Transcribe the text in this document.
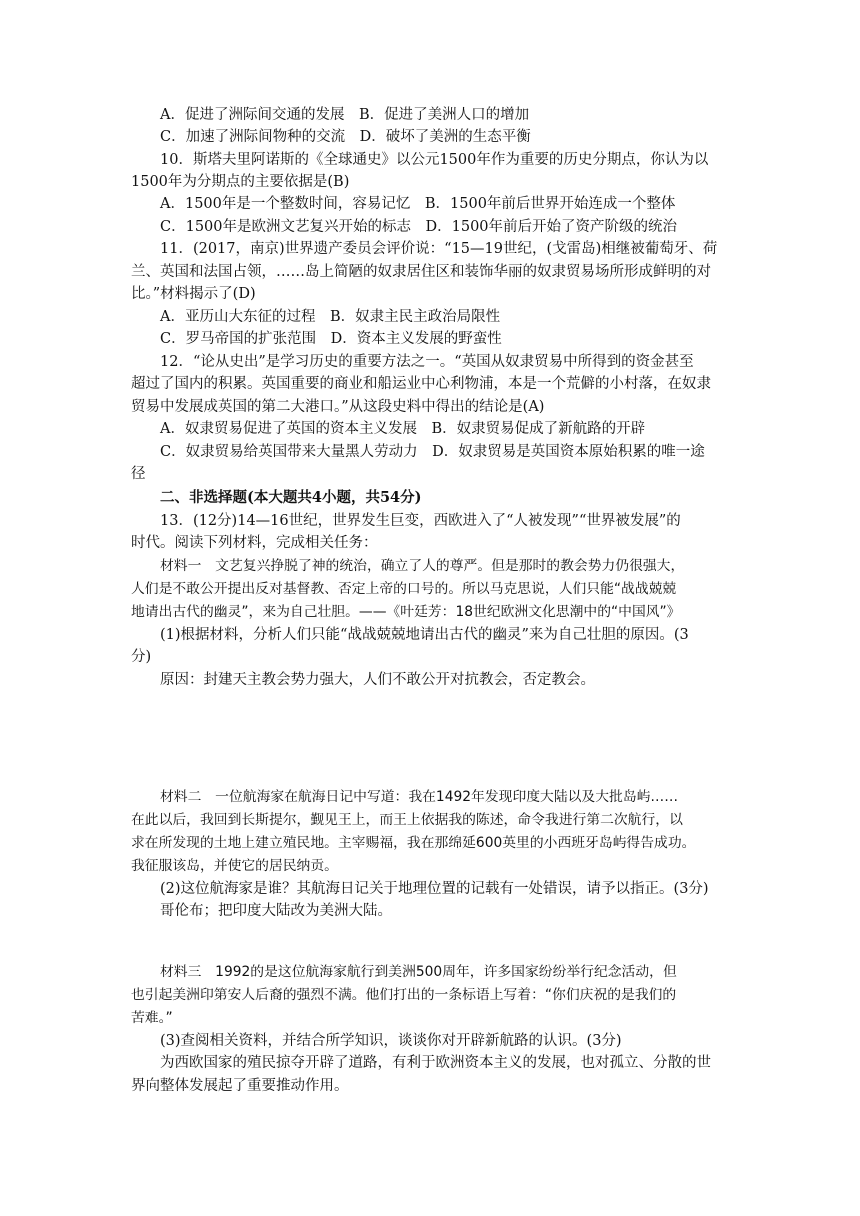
A．促进了洲际间交通的发展　B．促进了美洲人口的增加
C．加速了洲际间物种的交流　D．破坏了美洲的生态平衡
10．斯塔夫里阿诺斯的《全球通史》以公元1500年作为重要的历史分期点，你认为以
1500年为分期点的主要依据是(B)
A．1500年是一个整数时间，容易记忆　B．1500年前后世界开始连成一个整体
C．1500年是欧洲文艺复兴开始的标志　D．1500年前后开始了资产阶级的统治
11．(2017，南京)世界遗产委员会评价说：“15—19世纪，(戈雷岛)相继被葡萄牙、荷
兰、英国和法国占领，……岛上简陋的奴隶居住区和装饰华丽的奴隶贸易场所形成鲜明的对
比。”材料揭示了(D)
A．亚历山大东征的过程　B．奴隶主民主政治局限性
C．罗马帝国的扩张范围　D．资本主义发展的野蛮性
12．“论从史出”是学习历史的重要方法之一。“英国从奴隶贸易中所得到的资金甚至
超过了国内的积累。英国重要的商业和船运业中心利物浦，本是一个荒僻的小村落，在奴隶
贸易中发展成英国的第二大港口。”从这段史料中得出的结论是(A)
A．奴隶贸易促进了英国的资本主义发展　B．奴隶贸易促成了新航路的开辟
C．奴隶贸易给英国带来大量黑人劳动力　D．奴隶贸易是英国资本原始积累的唯一途
径
二、非选择题(本大题共4小题，共54分)
13．(12分)14—16世纪，世界发生巨变，西欧进入了“人被发现”“世界被发展”的
时代。阅读下列材料，完成相关任务：
材料一　文艺复兴挣脱了神的统治，确立了人的尊严。但是那时的教会势力仍很强大，
人们是不敢公开提出反对基督教、否定上帝的口号的。所以马克思说，人们只能“战战兢兢
地请出古代的幽灵”，来为自己壮胆。——《叶廷芳：18世纪欧洲文化思潮中的“中国风”》
(1)根据材料，分析人们只能“战战兢兢地请出古代的幽灵”来为自己壮胆的原因。(3
分)
原因：封建天主教会势力强大，人们不敢公开对抗教会，否定教会。
材料二　一位航海家在航海日记中写道：我在1492年发现印度大陆以及大批岛屿……
在此以后，我回到长斯提尔，觐见王上，而王上依据我的陈述，命令我进行第二次航行，以
求在所发现的土地上建立殖民地。主宰赐福，我在那绵延600英里的小西班牙岛屿得告成功。
我征服该岛，并使它的居民纳贡。
(2)这位航海家是谁？其航海日记关于地理位置的记载有一处错误，请予以指正。(3分)
哥伦布；把印度大陆改为美洲大陆。
材料三　1992的是这位航海家航行到美洲500周年，许多国家纷纷举行纪念活动，但
也引起美洲印第安人后裔的强烈不满。他们打出的一条标语上写着：“你们庆祝的是我们的
苦难。”
(3)查阅相关资料，并结合所学知识，谈谈你对开辟新航路的认识。(3分)
为西欧国家的殖民掠夺开辟了道路，有利于欧洲资本主义的发展，也对孤立、分散的世
界向整体发展起了重要推动作用。
